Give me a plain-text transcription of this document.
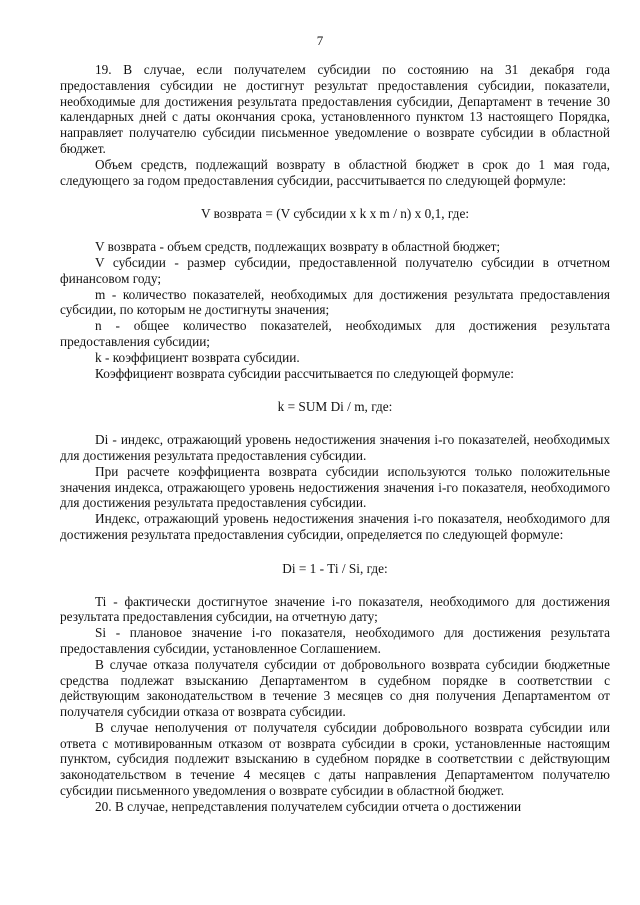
7

19. В случае, если получателем субсидии по состоянию на 31 декабря года предоставления субсидии не достигнут результат предоставления субсидии, показатели, необходимые для достижения результата предоставления субсидии, Департамент в течение 30 календарных дней с даты окончания срока, установленного пунктом 13 настоящего Порядка, направляет получателю субсидии письменное уведомление о возврате субсидии в областной бюджет.

Объем средств, подлежащий возврату в областной бюджет в срок до 1 мая года, следующего за годом предоставления субсидии, рассчитывается по следующей формуле:

V возврата = (V субсидии x k x m / n) x 0,1, где:

V возврата - объем средств, подлежащих возврату в областной бюджет;

V субсидии - размер субсидии, предоставленной получателю субсидии в отчетном финансовом году;

m - количество показателей, необходимых для достижения результата предоставления субсидии, по которым не достигнуты значения;

n - общее количество показателей, необходимых для достижения результата предоставления субсидии;

k - коэффициент возврата субсидии.

Коэффициент возврата субсидии рассчитывается по следующей формуле:

k = SUM Di / m, где:

Di - индекс, отражающий уровень недостижения значения i-го показателей, необходимых для достижения результата предоставления субсидии.

При расчете коэффициента возврата субсидии используются только положительные значения индекса, отражающего уровень недостижения значения i-го показателя, необходимого для достижения результата предоставления субсидии.

Индекс, отражающий уровень недостижения значения i-го показателя, необходимого для достижения результата предоставления субсидии, определяется по следующей формуле:

Di = 1 - Ti / Si, где:

Ti - фактически достигнутое значение i-го показателя, необходимого для достижения результата предоставления субсидии, на отчетную дату;

Si - плановое значение i-го показателя, необходимого для достижения результата предоставления субсидии, установленное Соглашением.

В случае отказа получателя субсидии от добровольного возврата субсидии бюджетные средства подлежат взысканию Департаментом в судебном порядке в соответствии с действующим законодательством в течение 3 месяцев со дня получения Департаментом от получателя субсидии отказа от возврата субсидии.

В случае неполучения от получателя субсидии добровольного возврата субсидии или ответа с мотивированным отказом от возврата субсидии в сроки, установленные настоящим пунктом, субсидия подлежит взысканию в судебном порядке в соответствии с действующим законодательством в течение 4 месяцев с даты направления Департаментом получателю субсидии письменного уведомления о возврате субсидии в областной бюджет.

20. В случае, непредставления получателем субсидии отчета о достижении
